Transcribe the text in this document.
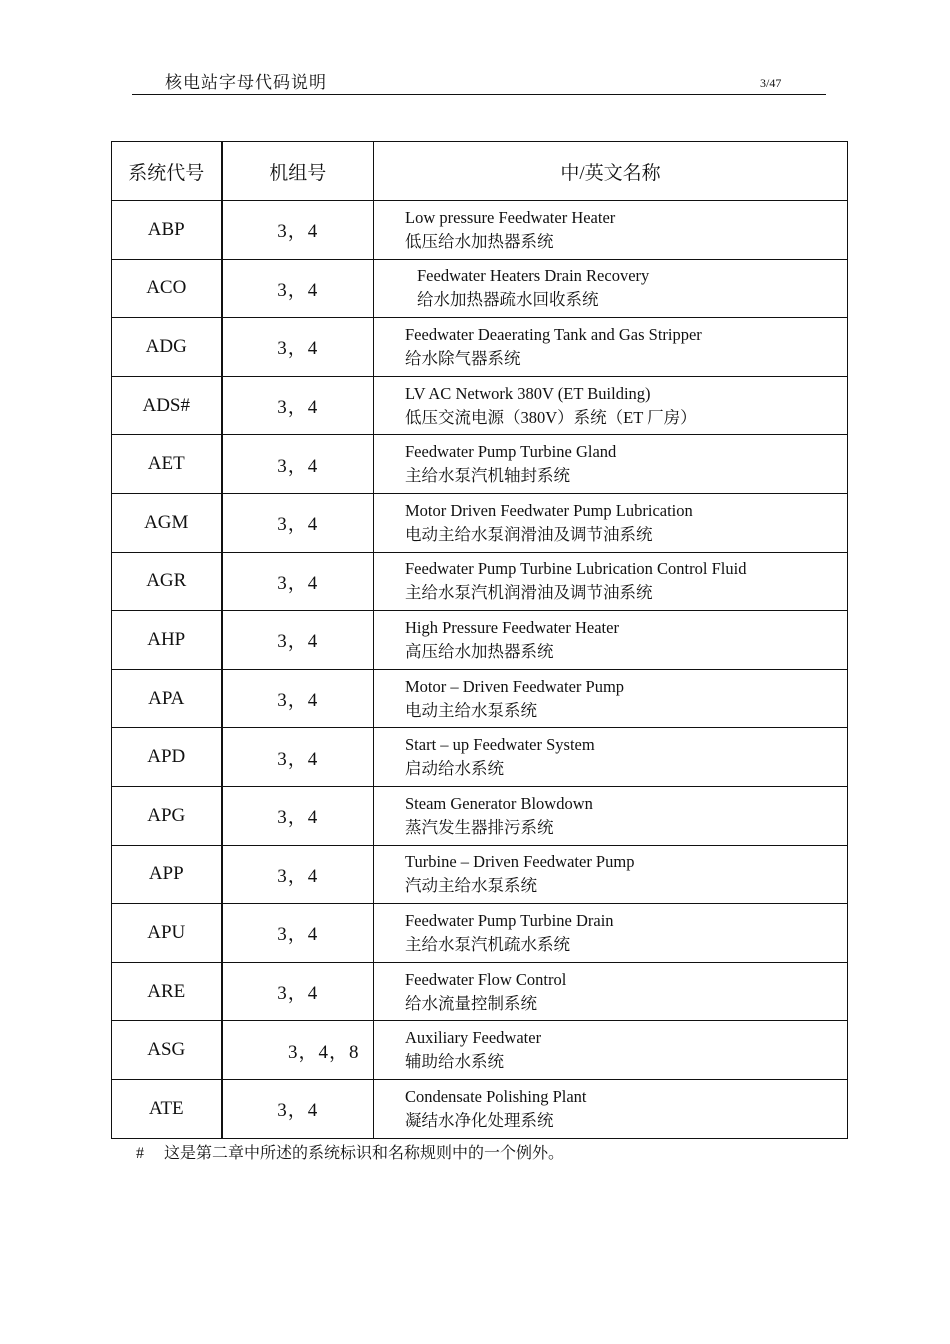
核电站字母代码说明	3/47
系统代号	机组号	中/英文名称
ABP	3，4	Low pressure Feedwater Heater
低压给水加热器系统

ACO	3，4	Feedwater Heaters Drain Recovery
给水加热器疏水回收系统

ADG	3，4	Feedwater Deaerating Tank and Gas Stripper
给水除气器系统

ADS#	3，4	LV AC Network 380V (ET Building)
低压交流电源（380V）系统（ET 厂房）

AET	3，4	Feedwater Pump Turbine Gland
主给水泵汽机轴封系统

AGM	3，4	Motor Driven Feedwater Pump Lubrication
电动主给水泵润滑油及调节油系统

AGR	3，4	Feedwater Pump Turbine Lubrication Control Fluid
主给水泵汽机润滑油及调节油系统

AHP	3，4	High Pressure Feedwater Heater
高压给水加热器系统

APA	3，4	Motor – Driven Feedwater Pump
电动主给水泵系统

APD	3，4	Start – up Feedwater System
启动给水系统

APG	3，4	Steam Generator Blowdown
蒸汽发生器排污系统

APP	3，4	Turbine – Driven Feedwater Pump
汽动主给水泵系统

APU	3，4	Feedwater Pump Turbine Drain
主给水泵汽机疏水系统

ARE	3，4	Feedwater Flow Control
给水流量控制系统

ASG	3，4，8	Auxiliary Feedwater
辅助给水系统

ATE	3，4	Condensate Polishing Plant
凝结水净化处理系统
# 这是第二章中所述的系统标识和名称规则中的一个例外。
